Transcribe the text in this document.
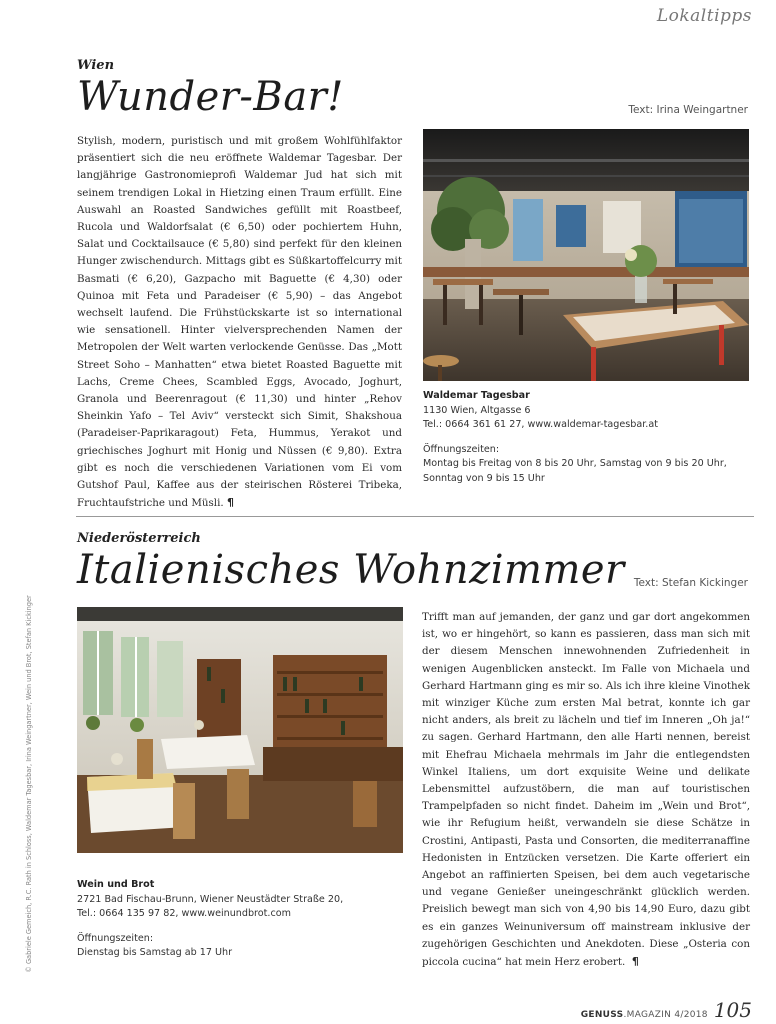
Lokaltipps
Wien
Wunder-Bar!	Text: Irina Weingartner
Stylish, modern, puristisch und mit großem Wohlfühlfaktor präsentiert sich die neu eröffnete Waldemar Tagesbar. Der langjährige Gastronomieprofi Waldemar Jud hat sich mit seinem trendigen Lokal in Hietzing einen Traum erfüllt. Eine Auswahl an Roasted Sandwiches gefüllt mit Roastbeef, Rucola und Waldorfsalat (€ 6,50) oder pochiertem Huhn, Salat und Cocktailsauce (€ 5,80) sind perfekt für den kleinen Hunger zwischendurch. Mittags gibt es Süßkartoffelcurry mit Basmati (€ 6,20), Gazpacho mit Baguette (€ 4,30) oder Quinoa mit Feta und Paradeiser (€ 5,90) – das Angebot wechselt laufend. Die Frühstückskarte ist so international wie sensationell. Hinter vielversprechenden Namen der Metropolen der Welt warten verlockende Genüsse. Das „Mott Street Soho – Manhatten“ etwa bietet Roasted Baguette mit Lachs, Creme Chees, Scambled Eggs, Avocado, Joghurt, Granola und Beerenragout (€ 11,30) und hinter „Rehov Sheinkin Yafo – Tel Aviv“ versteckt sich Simit, Shakshoua (Paradeiser-Paprikaragout) Feta, Hummus, Yerakot und griechisches Joghurt mit Honig und Nüssen (€ 9,80). Extra gibt es noch die verschiedenen Variationen vom Ei vom Gutshof Paul, Kaffee aus der steirischen Rösterei Tribeka, Fruchtaufstriche und Müsli. ¶
Waldemar Tagesbar
1130 Wien, Altgasse 6
Tel.: 0664 361 61 27, www.waldemar-tagesbar.at
Öffnungszeiten:
Montag bis Freitag von 8 bis 20 Uhr, Samstag von 9 bis 20 Uhr, Sonntag von 9 bis 15 Uhr
Niederösterreich
Italienisches Wohnzimmer Text: Stefan Kickinger
Wein und Brot
2721 Bad Fischau-Brunn, Wiener Neustädter Straße 20,
Tel.: 0664 135 97 82, www.weinundbrot.com
Öffnungszeiten:
Dienstag bis Samstag ab 17 Uhr
Trifft man auf jemanden, der ganz und gar dort angekommen ist, wo er hingehört, so kann es passieren, dass man sich mit der diesem Menschen innewohnenden Zufriedenheit in wenigen Augenblicken ansteckt. Im Falle von Michaela und Gerhard Hartmann ging es mir so. Als ich ihre kleine Vinothek mit winziger Küche zum ersten Mal betrat, konnte ich gar nicht anders, als breit zu lächeln und tief im Inneren „Oh ja!“ zu sagen. Gerhard Hartmann, den alle Harti nennen, bereist mit Ehefrau Michaela mehrmals im Jahr die entlegendsten Winkel Italiens, um dort exquisite Weine und delikate Lebensmittel aufzustöbern, die man auf touristischen Trampelpfaden so nicht findet. Daheim im „Wein und Brot“, wie ihr Refugium heißt, verwandeln sie diese Schätze in Crostini, Antipasti, Pasta und Consorten, die mediterranaffine Hedonisten in Entzücken versetzen. Die Karte offeriert ein Angebot an raffinierten Speisen, bei dem auch vegetarische und vegane Genießer uneingeschränkt glücklich werden. Preislich bewegt man sich von 4,90 bis 14,90 Euro, dazu gibt es ein ganzes Weinuniversum off mainstream inklusive der zugehörigen Geschichten und Anekdoten. Diese „Osteria con piccola cucina“ hat mein Herz erobert. ¶
© Gabriele Gemeich, R.C. Rath in Schloss, Waldemar Tagesbar, Irina Weingartner, Wein und Brot, Stefan Kickinger
GENUSS.MAGAZIN 4/2018 105
